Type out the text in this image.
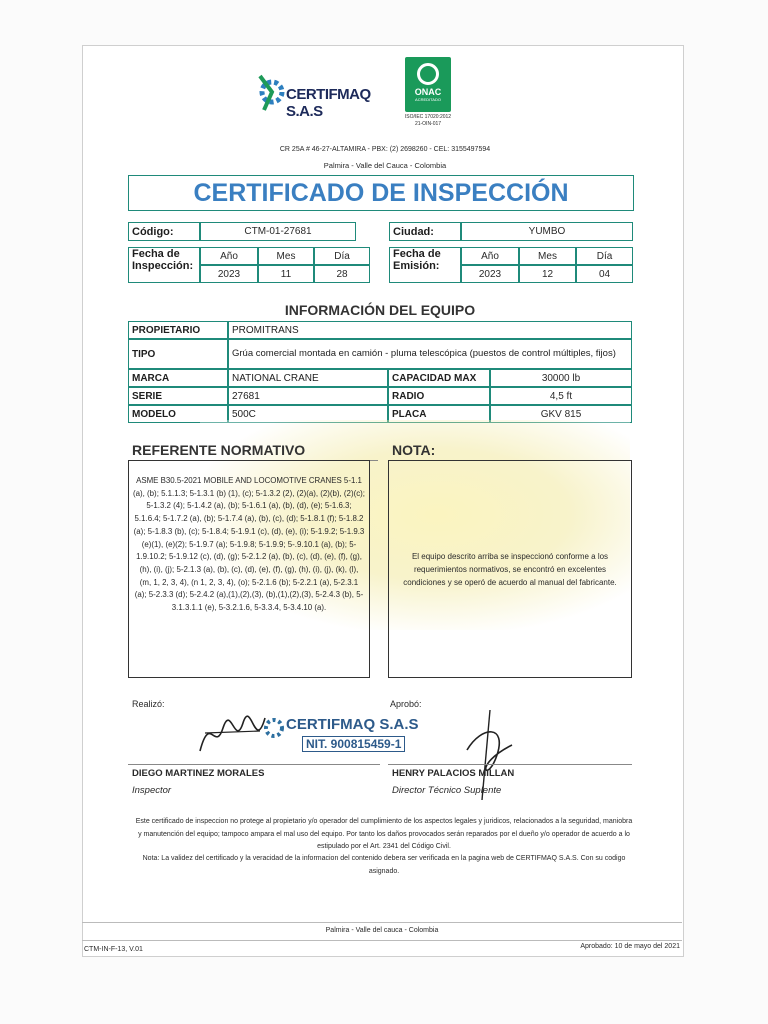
CERTIFMAQ S.A.S
ONAC
ACREDITADO
ISO/IEC 17020:2012
21-OIN-017
CR 25A # 46-27-ALTAMIRA - PBX: (2) 2698260 - CEL: 3155497594
Palmira - Valle del Cauca - Colombia
CERTIFICADO DE INSPECCIÓN
Código:	CTM-01-27681	Ciudad:	YUMBO
Fecha de
Inspección:
Año	Mes	Día
2023	11	28
Fecha de
Emisión:
Año	Mes	Día
2023	12	04
INFORMACIÓN DEL EQUIPO
PROPIETARIO	PROMITRANS
TIPO	Grúa comercial montada en camión - pluma telescópica (puestos de control múltiples, fijos)
MARCA	NATIONAL CRANE	CAPACIDAD MAX	30000 lb
SERIE	27681	RADIO	4,5 ft
MODELO	500C	PLACA	GKV 815
REFERENTE NORMATIVO
ASME B30.5-2021 MOBILE AND LOCOMOTIVE CRANES 5-1.1 (a), (b); 5.1.1.3; 5-1.3.1 (b) (1), (c); 5-1.3.2 (2), (2)(a), (2)(b), (2)(c); 5-1.3.2 (4); 5-1.4.2 (a), (b); 5-1.6.1 (a), (b), (d), (e); 5-1.6.3; 5.1.6.4; 5-1.7.2 (a), (b); 5-1.7.4 (a), (b), (c), (d); 5-1.8.1 (f); 5-1.8.2 (a); 5-1.8.3 (b), (c); 5-1.8.4; 5-1.9.1 (c), (d), (e), (i); 5-1.9.2; 5-1.9.3 (e)(1), (e)(2); 5-1.9.7 (a); 5-1.9.8; 5-1.9.9; 5-.9.10.1 (a), (b); 5-1.9.10.2; 5-1.9.12 (c), (d), (g); 5-2.1.2 (a), (b), (c), (d), (e), (f), (g), (h), (i), (j); 5-2.1.3 (a), (b), (c), (d), (e), (f), (g), (h), (i), (j), (k), (l), (m, 1, 2, 3, 4), (n 1, 2, 3, 4), (o); 5-2.1.6 (b); 5-2.2.1 (a), 5-2.3.1 (a); 5-2.3.3 (d); 5-2.4.2 (a),(1),(2),(3), (b),(1),(2),(3), 5-2.4.3 (b), 5-3.1.3.1.1 (e), 5-3.2.1.6, 5-3.3.4, 5-3.4.10 (a).
NOTA:
El equipo descrito arriba se inspeccionó conforme a los requerimientos normativos, se encontró en excelentes condiciones y se operó de acuerdo al manual del fabricante.
Realizó:	Aprobó:
CERTIFMAQ S.A.S
NIT. 900815459-1
DIEGO MARTINEZ MORALES
Inspector
HENRY PALACIOS MILLAN
Director Técnico Suplente
Este certificado de inspeccion no protege al propietario y/o operador del cumplimiento de los aspectos legales y juridicos, relacionados a la seguridad, maniobra y manutención del equipo; tampoco ampara el mal uso del equipo. Por tanto los daños provocados serán reparados por el dueño y/o operador de acuerdo a lo estipulado por el Art. 2341 del Código Civil.
Nota: La validez del certificado y la veracidad de la informacion del contenido debera ser verificada en la pagina web de CERTIFMAQ S.A.S. Con su codigo asignado.
Palmira - Valle del cauca - Colombia
CTM-IN-F-13, V.01	Aprobado: 10 de mayo del 2021
